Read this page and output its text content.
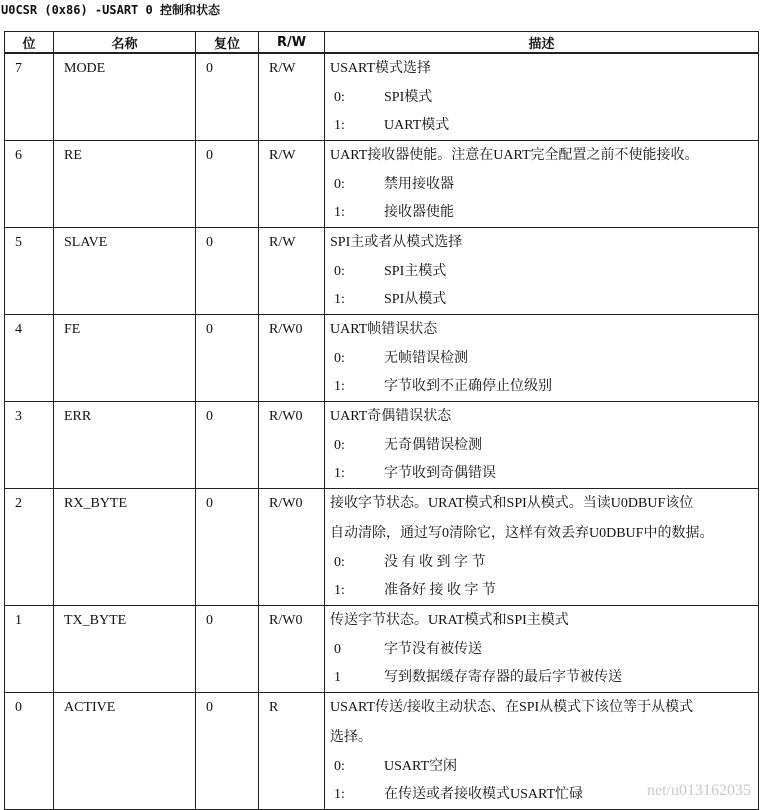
U0CSR (0x86) -USART 0 控制和状态
位	名称	复位	R/W	描述

7	MODE	0	R/W	USART模式选择
0: SPI模式
1: UART模式

6	RE	0	R/W	UART接收器使能。注意在UART完全配置之前不使能接收。
0: 禁用接收器
1: 接收器使能

5	SLAVE	0	R/W	SPI主或者从模式选择
0: SPI主模式
1: SPI从模式

4	FE	0	R/W0	UART帧错误状态
0: 无帧错误检测
1: 字节收到不正确停止位级别

3	ERR	0	R/W0	UART奇偶错误状态
0: 无奇偶错误检测
1: 字节收到奇偶错误

2	RX_BYTE	0	R/W0	接收字节状态。URAT模式和SPI从模式。当读U0DBUF该位
自动清除，通过写0清除它，这样有效丢弃U0DBUF中的数据。
0: 没 有 收 到 字 节
1: 准备好 接 收 字 节

1	TX_BYTE	0	R/W0	传送字节状态。URAT模式和SPI主模式
0 字节没有被传送
1 写到数据缓存寄存器的最后字节被传送

0	ACTIVE	0	R	USART传送/接收主动状态、在SPI从模式下该位等于从模式
选择。
0: USART空闲
1: 在传送或者接收模式USART忙碌	net/u013162035
